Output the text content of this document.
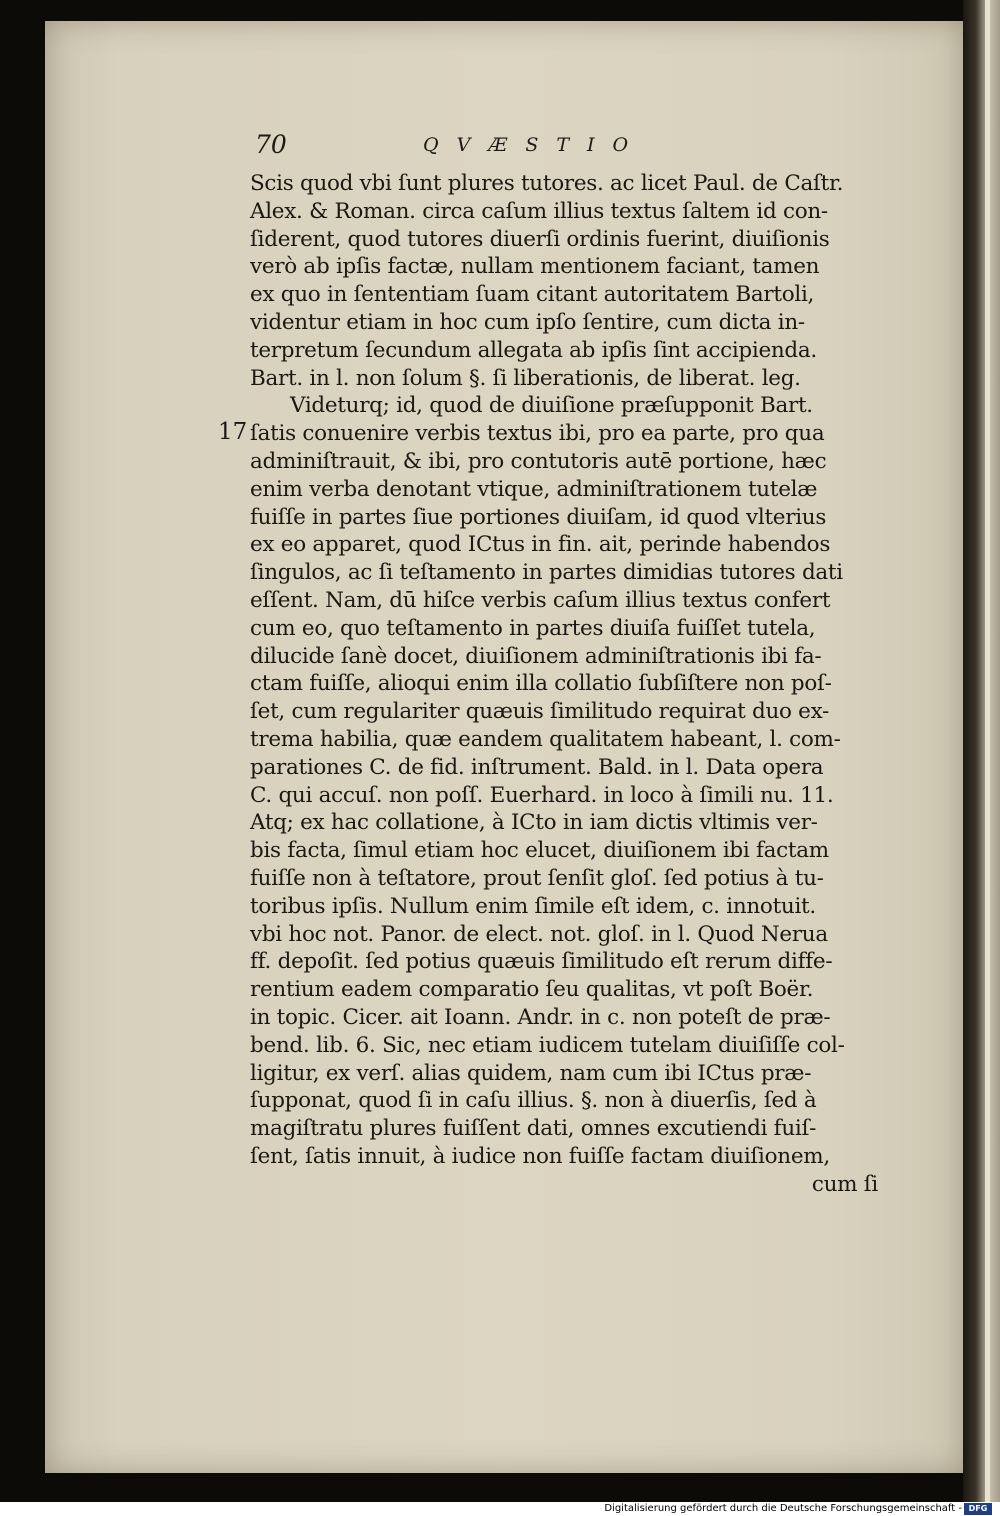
70	QVÆSTIO
17
Scis quod vbi ſunt plures tutores. ac licet Paul. de Caſtr.
Alex. & Roman. circa caſum illius textus ſaltem id con-
ſiderent, quod tutores diuerſi ordinis fuerint, diuiſionis
verò ab ipſis factæ, nullam mentionem faciant, tamen
ex quo in ſententiam ſuam citant autoritatem Bartoli,
videntur etiam in hoc cum ipſo ſentire, cum dicta in-
terpretum ſecundum allegata ab ipſis ſint accipienda.
Bart. in l. non ſolum §. ſi liberationis, de liberat. leg.
Videturq; id, quod de diuiſione præſupponit Bart.
ſatis conuenire verbis textus ibi, pro ea parte, pro qua
adminiſtrauit, & ibi, pro contutoris autē portione, hæc
enim verba denotant vtique, adminiſtrationem tutelæ
fuiſſe in partes ſiue portiones diuiſam, id quod vlterius
ex eo apparet, quod ICtus in fin. ait, perinde habendos
ſingulos, ac ſi teſtamento in partes dimidias tutores dati
eſſent. Nam, dū hiſce verbis caſum illius textus confert
cum eo, quo teſtamento in partes diuiſa fuiſſet tutela,
dilucide ſanè docet, diuiſionem adminiſtrationis ibi fa-
ctam fuiſſe, alioqui enim illa collatio ſubſiſtere non poſ-
ſet, cum regulariter quæuis ſimilitudo requirat duo ex-
trema habilia, quæ eandem qualitatem habeant, l. com-
parationes C. de fid. inſtrument. Bald. in l. Data opera
C. qui accuſ. non poſſ. Euerhard. in loco à ſimili nu. 11.
Atq; ex hac collatione, à ICto in iam dictis vltimis ver-
bis facta, ſimul etiam hoc elucet, diuiſionem ibi factam
fuiſſe non à teſtatore, prout ſenſit gloſ. ſed potius à tu-
toribus ipſis. Nullum enim ſimile eſt idem, c. innotuit.
vbi hoc not. Panor. de elect. not. gloſ. in l. Quod Nerua
ff. depoſit. ſed potius quæuis ſimilitudo eſt rerum diffe-
rentium eadem comparatio ſeu qualitas, vt poſt Boër.
in topic. Cicer. ait Ioann. Andr. in c. non poteſt de præ-
bend. lib. 6. Sic, nec etiam iudicem tutelam diuiſiſſe col-
ligitur, ex verſ. alias quidem, nam cum ibi ICtus præ-
ſupponat, quod ſi in caſu illius. §. non à diuerſis, ſed à
magiſtratu plures fuiſſent dati, omnes excutiendi fuiſ-
ſent, ſatis innuit, à iudice non fuiſſe factam diuiſionem,
cum ſi
Digitalisierung gefördert durch die Deutsche Forschungsgemeinschaft - DFG
